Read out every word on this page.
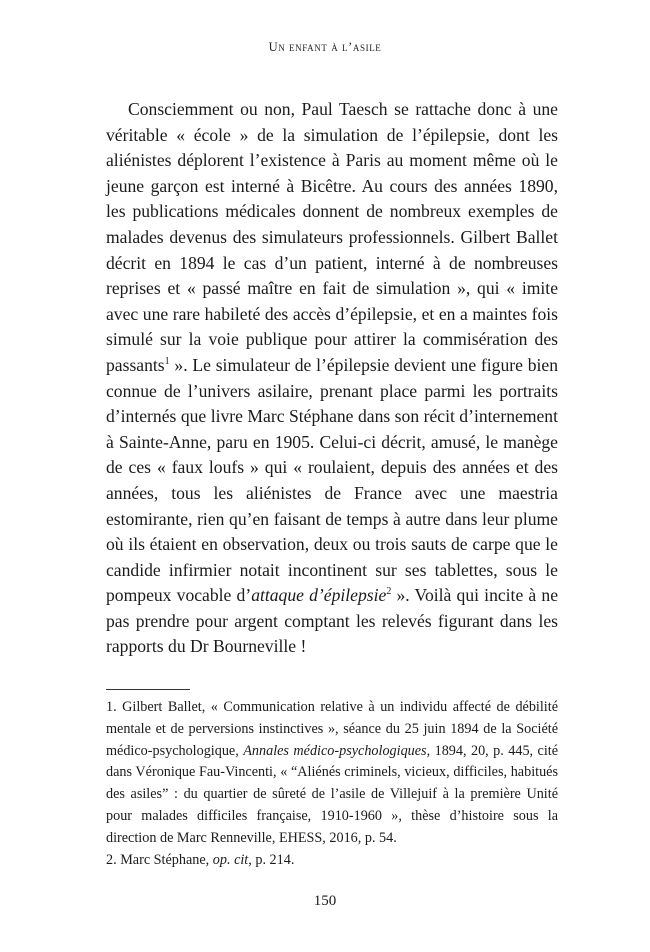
Un enfant à l’asile

Consciemment ou non, Paul Taesch se rattache donc à une véritable « école » de la simulation de l’épilepsie, dont les aliénistes déplorent l’existence à Paris au moment même où le jeune garçon est interné à Bicêtre. Au cours des années 1890, les publications médicales donnent de nombreux exemples de malades devenus des simulateurs professionnels. Gilbert Ballet décrit en 1894 le cas d’un patient, interné à de nombreuses reprises et « passé maître en fait de simulation », qui « imite avec une rare habileté des accès d’épilepsie, et en a maintes fois simulé sur la voie publique pour attirer la commisération des passants$^1$ ». Le simulateur de l’épilepsie devient une figure bien connue de l’univers asilaire, prenant place parmi les portraits d’internés que livre Marc Stéphane dans son récit d’internement à Sainte-Anne, paru en 1905. Celui-ci décrit, amusé, le manège de ces « faux loufs » qui « roulaient, depuis des années et des années, tous les aliénistes de France avec une maestria estomirante, rien qu’en faisant de temps à autre dans leur plume où ils étaient en observation, deux ou trois sauts de carpe que le candide infirmier notait incontinent sur ses tablettes, sous le pompeux vocable d’attaque d’épilepsie$^2$ ». Voilà qui incite à ne pas prendre pour argent comptant les relevés figurant dans les rapports du Dr Bourneville !

1. Gilbert Ballet, « Communication relative à un individu affecté de débilité mentale et de perversions instinctives », séance du 25 juin 1894 de la Société médico-psychologique, Annales médico-psychologiques, 1894, 20, p. 445, cité dans Véronique Fau-Vincenti, « “Aliénés criminels, vicieux, difficiles, habitués des asiles” : du quartier de sûreté de l’asile de Villejuif à la première Unité pour malades difficiles française, 1910-1960 », thèse d’histoire sous la direction de Marc Renneville, EHESS, 2016, p. 54.

2. Marc Stéphane, op. cit, p. 214.

150
